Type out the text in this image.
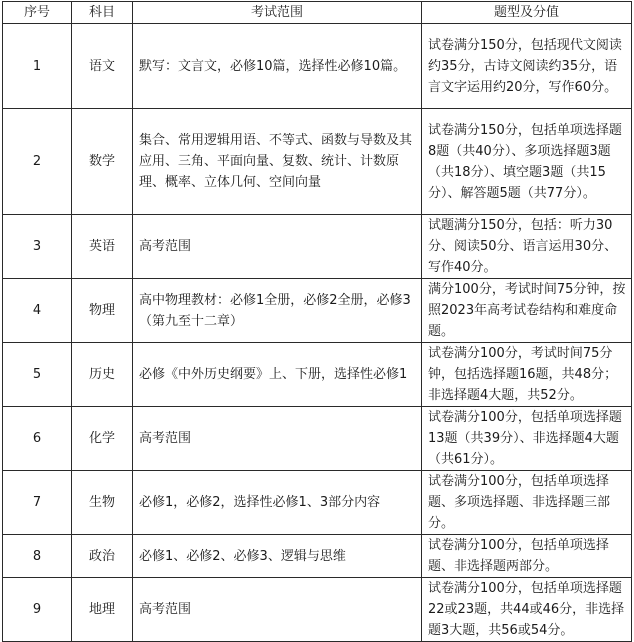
序号	科目	考试范围	题型及分值
1	语文	默写：文言文，必修10篇，选择性必修10篇。	试卷满分150分，包括现代文阅读约35分，古诗文阅读约35分，语言文字运用约20分，写作60分。
2	数学	集合、常用逻辑用语、不等式、函数与导数及其应用、三角、平面向量、复数、统计、计数原理、概率、立体几何、空间向量	试卷满分150分，包括单项选择题8题（共40分）、多项选择题3题（共18分）、填空题3题（共15分）、解答题5题（共77分）。
3	英语	高考范围	试题满分150分，包括：听力30分、阅读50分、语言运用30分、写作40分。
4	物理	高中物理教材：必修1全册，必修2全册，必修3（第九至十二章）	满分100分，考试时间75分钟，按照2023年高考试卷结构和难度命题。
5	历史	必修《中外历史纲要》上、下册，选择性必修1	试卷满分100分，考试时间75分钟，包括选择题16题，共48分；非选择题4大题，共52分。
6	化学	高考范围	试卷满分100分，包括单项选择题13题（共39分）、非选择题4大题（共61分）。
7	生物	必修1，必修2，选择性必修1、3部分内容	试卷满分100分，包括单项选择题、多项选择题、非选择题三部分。
8	政治	必修1、必修2、必修3、逻辑与思维	试卷满分100分，包括单项选择题、非选择题两部分。
9	地理	高考范围	试卷满分100分，包括单项选择题22或23题，共44或46分，非选择题3大题，共56或54分。
